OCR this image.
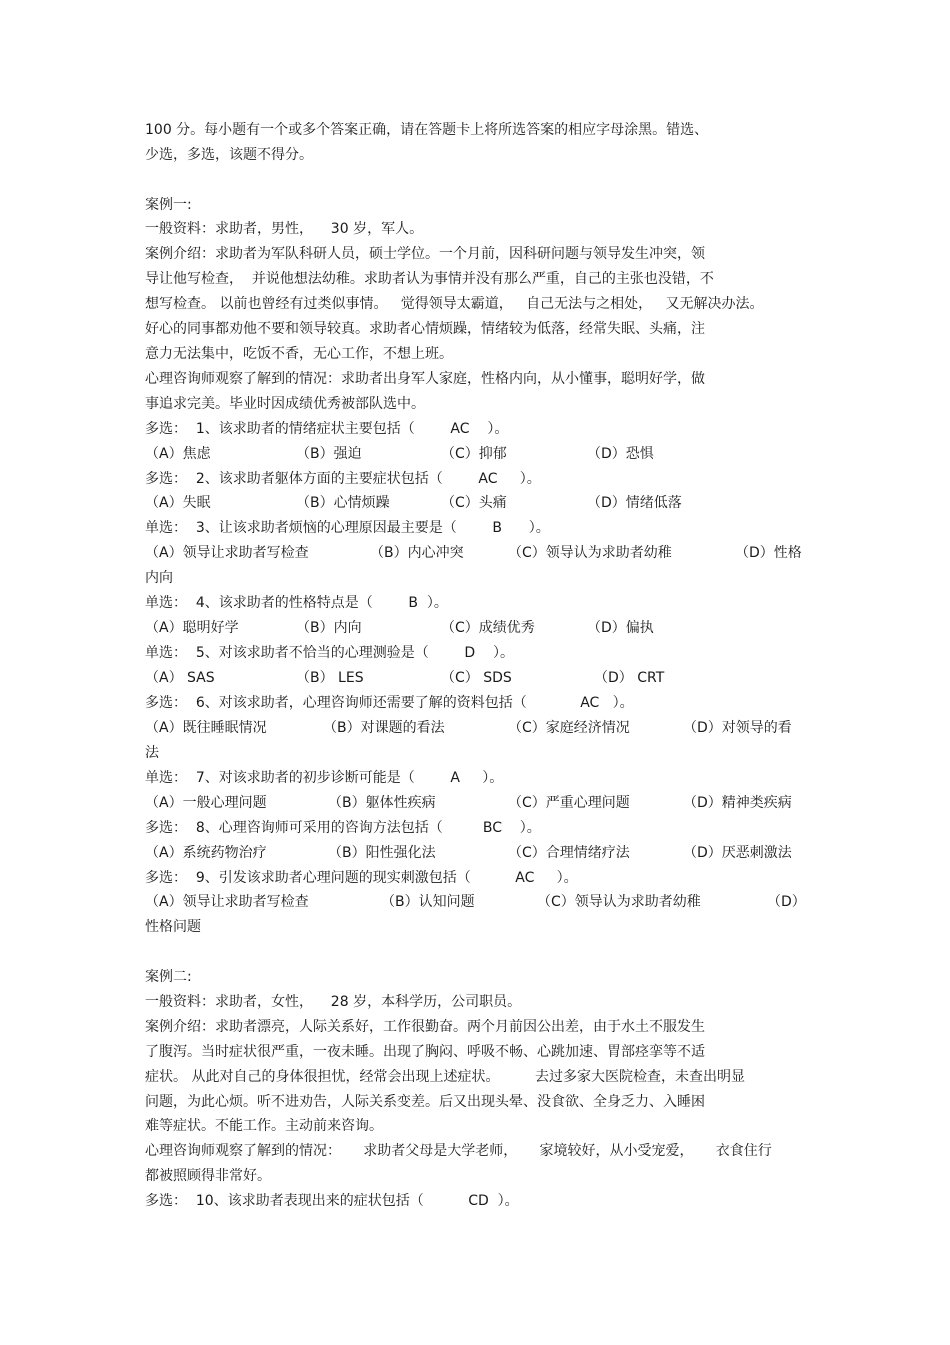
100 分。每小题有一个或多个答案正确，请在答题卡上将所选答案的相应字母涂黑。错选、
少选，多选，该题不得分。
案例一:
一般资料：求助者，男性，    30 岁，军人。
案例介绍：求助者为军队科研人员，硕士学位。一个月前，因科研问题与领导发生冲突，领
导让他写检查，  并说他想法幼稚。求助者认为事情并没有那么严重，自己的主张也没错，不
想写检查。 以前也曾经有过类似事情。   觉得领导太霸道，   自己无法与之相处，   又无解决办法。
好心的同事都劝他不要和领导较真。求助者心情烦躁，情绪较为低落，经常失眠、头痛，注
意力无法集中，吃饭不香，无心工作，不想上班。
心理咨询师观察了解到的情况：求助者出身军人家庭，性格内向，从小懂事，聪明好学，做
事追求完美。毕业时因成绩优秀被部队选中。
多选：  1、该求助者的情绪症状主要包括（        AC    ）。
（A）焦虑	（B）强迫	（C）抑郁	（D）恐惧
多选：  2、该求助者躯体方面的主要症状包括（        AC     ）。
（A）失眠	（B）心情烦躁	（C）头痛	（D）情绪低落
单选：  3、让该求助者烦恼的心理原因最主要是（        B      ）。
（A）领导让求助者写检查	（B）内心冲突	（C）领导认为求助者幼稚	（D）性格
内向
单选：  4、该求助者的性格特点是（        B  ）。
（A）聪明好学	（B）内向	（C）成绩优秀	（D）偏执
单选：  5、对该求助者不恰当的心理测验是（        D    ）。
（A） SAS	（B） LES	（C） SDS	（D） CRT
多选：  6、对该求助者，心理咨询师还需要了解的资料包括（            AC   ）。
（A）既往睡眠情况	（B）对课题的看法	（C）家庭经济情况	（D）对领导的看
法
单选：  7、对该求助者的初步诊断可能是（        A     ）。
（A）一般心理问题	（B）躯体性疾病	（C）严重心理问题	（D）精神类疾病
多选：  8、心理咨询师可采用的咨询方法包括（         BC    ）。
（A）系统药物治疗	（B）阳性强化法	（C）合理情绪疗法	（D）厌恶刺激法
多选：  9、引发该求助者心理问题的现实刺激包括（          AC     ）。
（A）领导让求助者写检查	（B）认知问题	（C）领导认为求助者幼稚	（D）
性格问题
案例二:
一般资料：求助者，女性，    28 岁，本科学历，公司职员。
案例介绍：求助者漂亮，人际关系好，工作很勤奋。两个月前因公出差，由于水土不服发生
了腹泻。当时症状很严重，一夜未睡。出现了胸闷、呼吸不畅、心跳加速、胃部痉挛等不适
症状。 从此对自己的身体很担忧，经常会出现上述症状。        去过多家大医院检查，未查出明显
问题，为此心烦。听不进劝告，人际关系变差。后又出现头晕、没食欲、全身乏力、入睡困
难等症状。不能工作。主动前来咨询。
心理咨询师观察了解到的情况：     求助者父母是大学老师，     家境较好，从小受宠爱，     衣食住行
都被照顾得非常好。
多选：  10、该求助者表现出来的症状包括（          CD  ）。
